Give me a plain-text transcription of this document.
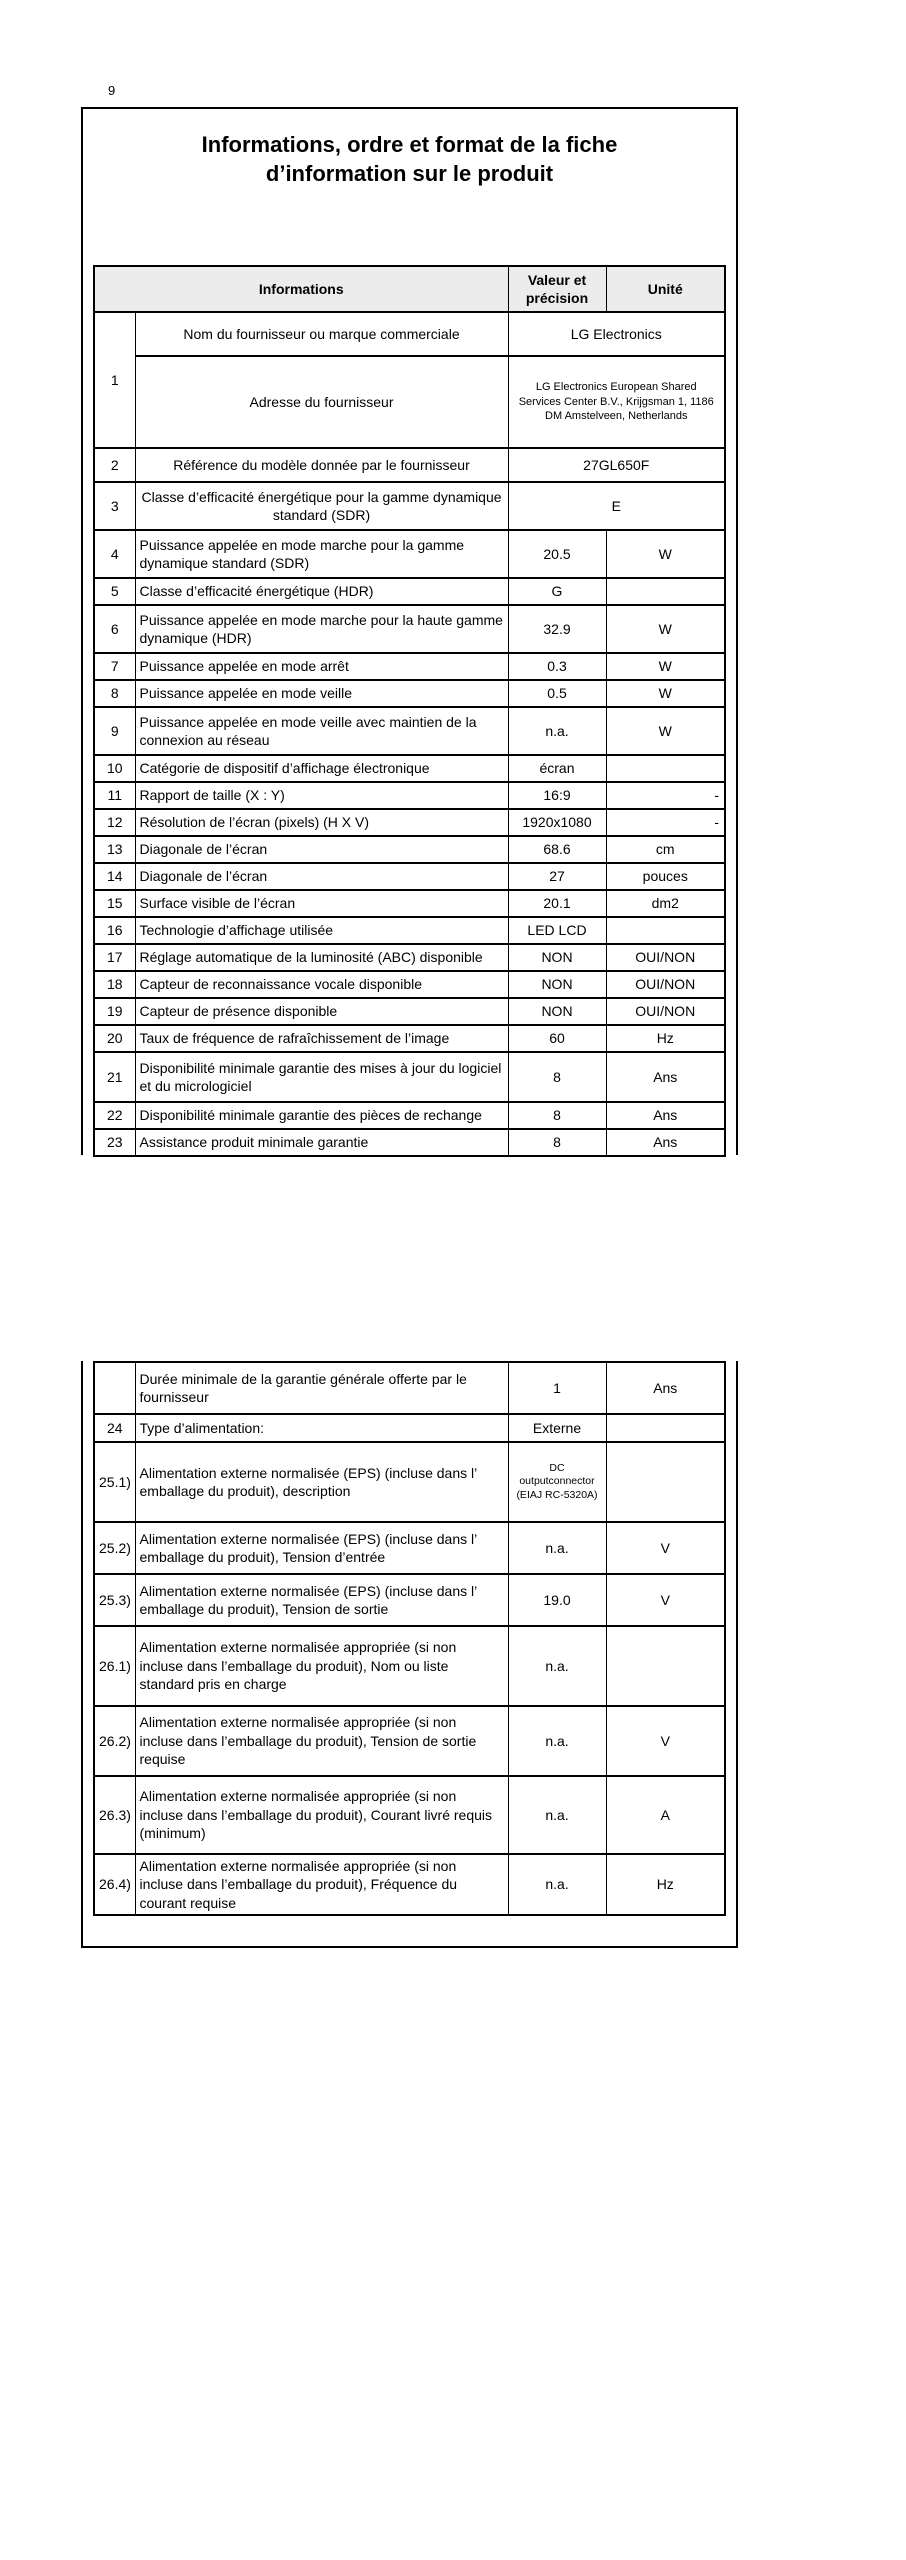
9
Informations, ordre et format de la fiche
d’information sur le produit
Informations		Valeur et précision	Unité
1	Nom du fournisseur ou marque commerciale	LG Electronics	
	Adresse du fournisseur	LG Electronics European Shared Services Center B.V., Krijgsman 1, 1186 DM Amstelveen, Netherlands	
2	Référence du modèle donnée par le fournisseur	27GL650F	
3	Classe d’efficacité énergétique pour la gamme dynamique standard (SDR)	E	
4	Puissance appelée en mode marche pour la gamme dynamique standard (SDR)	20.5	W
5	Classe d’efficacité énergétique (HDR)	G	
6	Puissance appelée en mode marche pour la haute gamme dynamique (HDR)	32.9	W
7	Puissance appelée en mode arrêt	0.3	W
8	Puissance appelée en mode veille	0.5	W
9	Puissance appelée en mode veille avec maintien de la connexion au réseau	n.a.	W
10	Catégorie de dispositif d’affichage électronique	écran	
11	Rapport de taille (X : Y)	16:9	-
12	Résolution de l’écran (pixels) (H X V)	1920x1080	-
13	Diagonale de l’écran	68.6	cm
14	Diagonale de l’écran	27	pouces
15	Surface visible de l’écran	20.1	dm2
16	Technologie d’affichage utilisée	LED LCD	
17	Réglage automatique de la luminosité (ABC) disponible	NON	OUI/NON
18	Capteur de reconnaissance vocale disponible	NON	OUI/NON
19	Capteur de présence disponible	NON	OUI/NON
20	Taux de fréquence de rafraîchissement de l’image	60	Hz
21	Disponibilité minimale garantie des mises à jour du logiciel et du micrologiciel	8	Ans
22	Disponibilité minimale garantie des pièces de rechange	8	Ans
23	Assistance produit minimale garantie	8	Ans
	Durée minimale de la garantie générale offerte par le fournisseur	1	Ans
24	Type d’alimentation:	Externe	
25.1)	Alimentation externe normalisée (EPS) (incluse dans l’ emballage du produit), description	DC outputconnector (EIAJ RC-5320A)	
25.2)	Alimentation externe normalisée (EPS) (incluse dans l’ emballage du produit), Tension d’entrée	n.a.	V
25.3)	Alimentation externe normalisée (EPS) (incluse dans l’ emballage du produit), Tension de sortie	19.0	V
26.1)	Alimentation externe normalisée appropriée (si non incluse dans l’emballage du produit), Nom ou liste standard pris en charge	n.a.	
26.2)	Alimentation externe normalisée appropriée (si non incluse dans l’emballage du produit), Tension de sortie requise	n.a.	V
26.3)	Alimentation externe normalisée appropriée (si non incluse dans l’emballage du produit), Courant livré requis (minimum)	n.a.	A
26.4)	Alimentation externe normalisée appropriée (si non incluse dans l’emballage du produit), Fréquence du courant requise	n.a.	Hz
